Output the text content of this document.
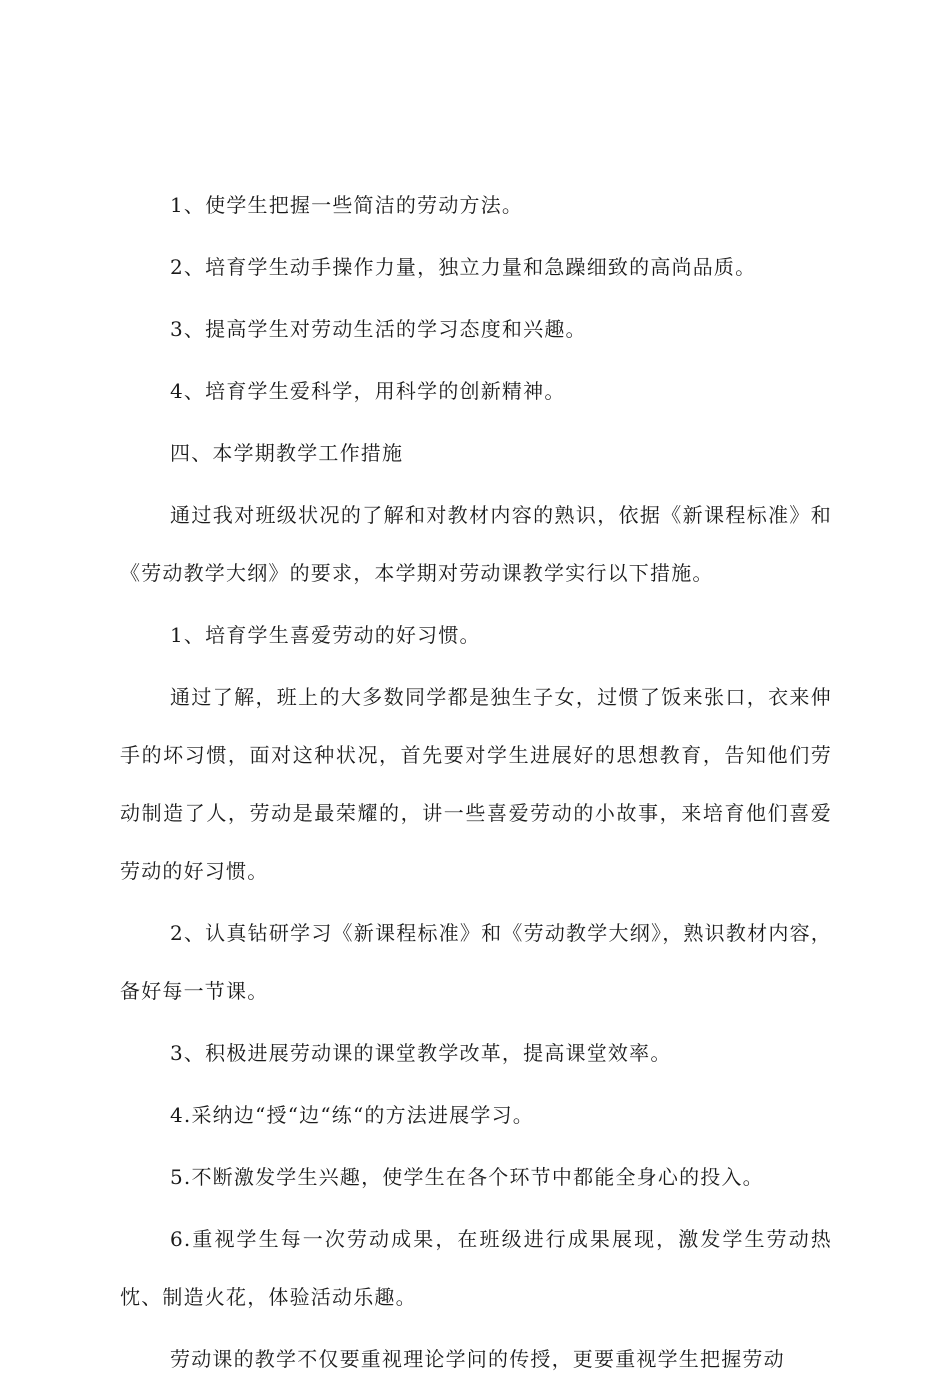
1、使学生把握一些简洁的劳动方法。

2、培育学生动手操作力量，独立力量和急躁细致的高尚品质。

3、提高学生对劳动生活的学习态度和兴趣。

4、培育学生爱科学，用科学的创新精神。

四、本学期教学工作措施

通过我对班级状况的了解和对教材内容的熟识，依据《新课程标准》和《劳动教学大纲》的要求，本学期对劳动课教学实行以下措施。

1、培育学生喜爱劳动的好习惯。

通过了解，班上的大多数同学都是独生子女，过惯了饭来张口，衣来伸手的坏习惯，面对这种状况，首先要对学生进展好的思想教育，告知他们劳动制造了人，劳动是最荣耀的，讲一些喜爱劳动的小故事，来培育他们喜爱劳动的好习惯。

2、认真钻研学习《新课程标准》和《劳动教学大纲》，熟识教材内容，备好每一节课。

3、积极进展劳动课的课堂教学改革，提高课堂效率。

4.采纳边“授“边“练“的方法进展学习。

5.不断激发学生兴趣，使学生在各个环节中都能全身心的投入。

6.重视学生每一次劳动成果，在班级进行成果展现，激发学生劳动热忱、制造火花，体验活动乐趣。

劳动课的教学不仅要重视理论学问的传授，更要重视学生把握劳动
